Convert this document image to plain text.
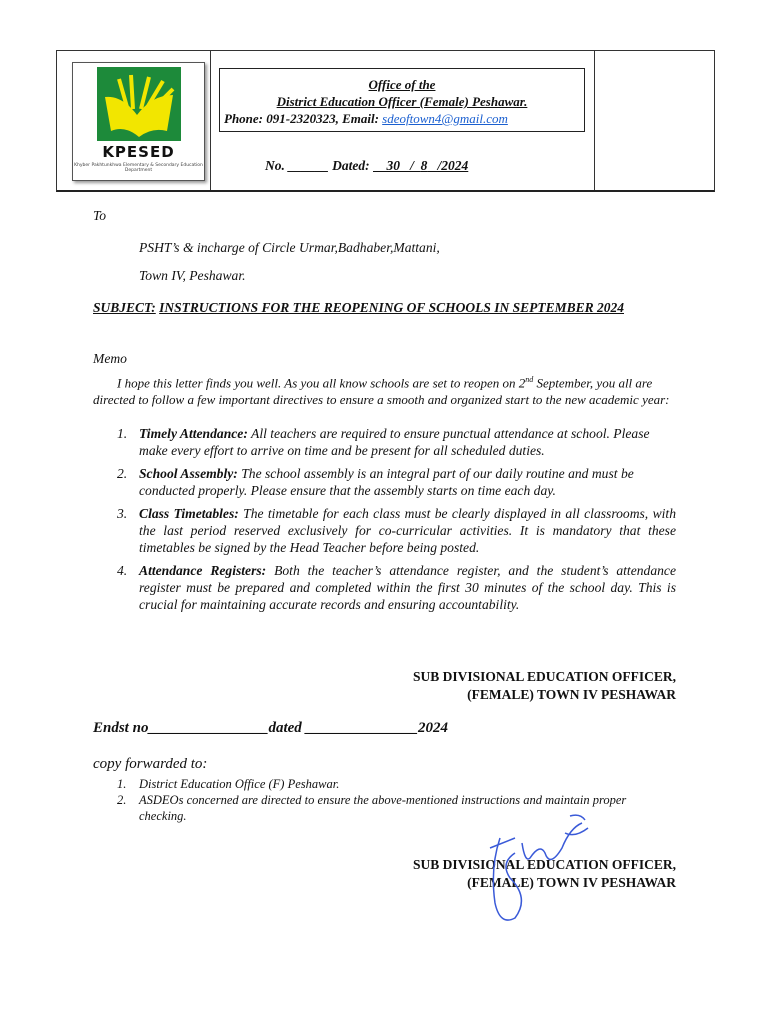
KPESED
Khyber Pakhtunkhwa Elementary & Secondary Education Department
Office of the
District Education Officer (Female) Peshawar.
Phone: 091-2320323, Email: sdeoftown4@gmail.com
No. ______ Dated: 30   /  8 /2024

To

PSHT’s & incharge of Circle Urmar,Badhaber,Mattani,

Town IV, Peshawar.

SUBJECT: INSTRUCTIONS FOR THE REOPENING OF SCHOOLS IN SEPTEMBER 2024

Memo

I hope this letter finds you well. As you all know schools are set to reopen on 2nd September, you all are directed to follow a few important directives to ensure a smooth and organized start to the new academic year:

1. Timely Attendance: All teachers are required to ensure punctual attendance at school. Please make every effort to arrive on time and be present for all scheduled duties.
2. School Assembly: The school assembly is an integral part of our daily routine and must be conducted properly. Please ensure that the assembly starts on time each day.
3. Class Timetables: The timetable for each class must be clearly displayed in all classrooms, with the last period reserved exclusively for co-curricular activities. It is mandatory that these timetables be signed by the Head Teacher before being posted.
4. Attendance Registers: Both the teacher’s attendance register, and the student’s attendance register must be prepared and completed within the first 30 minutes of the school day. This is crucial for maintaining accurate records and ensuring accountability.
SUB DIVISIONAL EDUCATION OFFICER,
(FEMALE) TOWN IV PESHAWAR

Endst no________________dated _______________2024

copy forwarded to:

1. District Education Office (F) Peshawar.
2. ASDEOs concerned are directed to ensure the above-mentioned instructions and maintain proper checking.
SUB DIVISIONAL EDUCATION OFFICER,
(FEMALE) TOWN IV PESHAWAR
